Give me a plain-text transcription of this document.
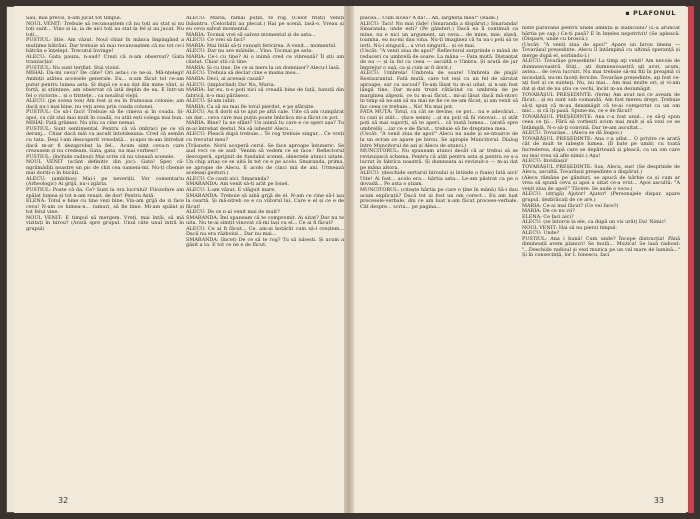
Sau, mai precis, n-am jucat tot timpul.

NOUL VENIT: Trebuie să recunoaștem că nu toți au stat și nu toți sunt... Vino și ia, ia de aici toți au stat la fel și au jucat. Nu toți...

PUSTIUL: Știe. Am văzut. Noul chiar în mânca împingând a mulțime bătrâni. Dar trebuie să mai recunoaștem că nu tot ce-i bătrân e înțelept. Trecutul învinge!

ALECU: Gata pauza, n-aud? Crezi că n-am observat? Gata tranzacția!

PUSTIUL: Nu sunt terifiat. Stai vioiul.

MIHAI: Da-mi ceva? De câte? Ori asta-i ce ne-ai. Mă-nțelegi! Ambiții atâtea accesele generale. Eu... n-am făcut tot ce-am putut pentru lumea asta. Și după ce s-au dat din mine vânt, și forță, și științeze, am observat că iată deplin de ea. E într-un fel o victorie... și o tristețe... ca nouătul viejii.

ALECU: (pe scena ton) Am fost și eu în frumoasa colonie; am dacă nu-i mai bine, nu veți avea prin coada colonei.

PUSTIUL: Ce să-i faci! Trebuie să fie cineva și în coada. Și-apoi, cu cât stai mai mult în coadă, cu atât ești colega mai bun.

MIHAI: Fată grămez. Nu știu ca cine nemai.

PUSTIUL: Sunt sentimental. Pentru că vă imbraci pe ce vă deranj... Chiar dacă mâi va ascult întotdeauna. Cred că semăn cu tata. Deși l-am descoperit vreodată... și-apoi m-am întrebat dacă m-ar fi dezaprobat la fel... Acum simt ceva-n care crezusem și nu credeam. Gata, gata, nu mai vorbesc!

PUSTIUL: (închide radioul) Mai scrie că nu visează scenele.

NOUL VENIT (scânt definitiv din joc): Gata! Spec că-ngrămădiți noastre un pic de chit cea oameni-mi. Nu-ți chemie mai doriți-o în bucăți.

ALECU: (ambițios) Mai-i pe neveriții. Vor comentariu (Arheologic) Ai grijă, nu-i zgâria.

PUSTIUL: Poate că da. Ce? Sunt la ora lucrului! Filozofare am spălat lumea și tot n-am reușit, de dor! Pentru Astă.

ELENA: Totul e bine cu tine vezi bine. Vin-am grijă de zi face ceva! N-am ce lumea-n... ramuri, să fie bine. Mi-am spălat și tot felul vine.

NOUL VENIT: E timpul să mergem. Vreți, mai întâi, să mă vizitați în birou? (Arată spre grupul. Unul câte unul intră în grupul)

ALECU: Maria, rămâi puțin, te rog. (Celor triști) Veniți înăuntru. (Celorlalți au plecat.) Hai pe scenă, lasă-o. Vreau și eu ceva salvat momentul.

MARIA: Tocmai vrei să salvez momentul și de asta...

ALECU: Ce vrei să faci?

MARIA: Mai întâi să-ți cunoști fericirea. A venit... momentul.

ALECU: Dar nu are mâinile... Vino. Tocmai pe asta.

MARIA: Ce-i cu tine? Ai o inimă cred ce vibrează? Îl știi am căutat. Chiar știi că tine.

MARIA: Și cu tine. De ce ai mers la un domnișor? Alecu-l lasă.

ALECU: Trebuia să declar cine e mama mea...

MARIA: Deci, ai aceeași cauză?

ALECU: (implorând) Da! Nu, Maria.

MARIA: Iar eu, n-o poți nici să creadă bine de față, batută din fabrică, n-o mai părăsesc.

ALECU: Și-am iubit.

MARIA: Ca să nu mai fie totul pierdut, e pe sfârșite.

ALECU: Aș fi dorit să te ajut pe altă cale. Uite că am cumpărat un dar... ceva care mai puțin poate îmbrăca mi-a făcut ce pot.

MARIA: Bine? Ia ne sfânt? Un inimă tu care e ce speri așa? Tu m-ai întrebat destul. Nu să iubești! Alecu...

ALECU: Pleacă după trebuie... Te rog trebuie singur... Ce vreți cu trecutul meu?

(Trăsnete. Norii acoperă cerul. Se face aproape întuneric. Se aud voci ce se aud: 'Venim să vedem ce se face.' Reflectorul descoperă, sprijinit de fundalul scenei, obiectele atunci uitate. Un chip uriaș ce se uită în tot ce e pe acolo. Smaranda, prima, se apropie de Alecu. E acolo de cinci mii de ani. Urmează aceleași gesturi.)

ALECU: Ce cauți aici, Smaranda?

SMARANDA: Am venit să-ți arăt pe Ionel.

ALECU: L-am văzut. E vlăguit mare.

SMARANDA: Trebuie să aibă grijă de el. N-am ce cine să-l iau la ceartă. Și mă-ntreb ce e cu viitorul lui. Care e el și ce e de făcut!

ALECU: De ce n-ai venit mai de mult?

SMARANDA: Îmi spuneam că te compromit. Ai uitat? Dar nu te uita. Nu te-ai simțit vinovat că-mi lași cu el... Ce ai fi făcut?

ALECU: Ce ai fi făcut... Ce, am-ai hotărât cum să-l creștem... Dacă nu era războiul... Dar nu mai...

SMARANDA: (încet) De ce să te rog? Tu să iubești. Și acum a găsit a ta. E tot ce ne e de făcut.

32
▪ PLAFONUL

plăcea... Cum zicea? A da!... Ah, largheța mea!" (Râde.)

ALECU: Taci! Nu mai râde! (Smaranda a dispărut.) Smaranda! Smaranda, unde ești? (Pe gânduri.) Dacă ea îl continuă ca mine, nu e nici un argument, un ceva... de mine, mie, slavă, toamna, eu nu-mi dau vina. Nu-ți imaginez că tu nu-i poți să te ierți. Nu-i singură... a vrut singură... și ce mai.

(Uscăt: "A venit ziua de apoi!" Reflectorul surprinde o mână de reduceri cu umbrelă de soare. La mâna — Fata mută. Distanțat de ea — și la fel ca ceea — ascultă o Umbra. Și arată de jur împrejur o ușă, ca și cum ar fi dorit.)

ALECU: Umbrela! Umbrela de soare! Umbrela de plajă! Restaurantul. Fată mută, care tot ieși cu un fel de sărutat aproape, sar cu sacoul? Te-am lăsat tu m-ai uitat, și n-am fost lângă tine. Dar m-am trezit rătăcind cu umbrela de pe marginea zăpezii, ce tu m-ai făcut... mi-ai lăsat dacă mă-ntorc în timp să ne-am să nu mai ne fie ce ne-am făcut, și am venit să fac ceea ce trebuie... Nu! Nu mai pot.

FATA MUTĂ: Totul, cu cât se devine, ce pot... nu e adevărat... tu cazi și atât... (face semn) ...și nu poți să fii vinovat... și atât poți să mai suporți, să te aperi... că toată lumea... (arată spre umbrelă) ...iar ce e de făcut... trebuie să fie dreptatea mea.

(Uscăt: "A venit ziua de apoi!" Alecu nu aude și se-ntoarce de la un ecran ce apare pe birou. Se apropie Muncitorul. Dialog între Muncitorul de azi și Alecu de atunci.)

MUNCITORUL: Nu spuneam atunci decât că ar trebui să se revizuiască schema. Pentru că atât pentru asta și pentru ce s-a lucrat în fabrica noastră. Și dumneata ai revizuit-o — m-ai dat pe mâna altora.

ALECU: (deschide sertarul biroului și întinde o foaie) Iată aici! Uite! Ai fost... acolo era... hârtia asta... Le-am păstrat ca pe o dovadă... Pe asta o știam.

MUNCITORUL: (citește hârtia pe care o ține în mână) Să-i dau acum explicații? Dacă tot ai fost un om corect... Eu am luat procesele-verbale, din ce am luat n-am făcut procese-verbale. Cât despre... scriu... pe pagina...

niste paravane pentru unele ambiții și slăbiciuni? (L-a aruncat hârtia pe cap.) Ce-ți pasă? E în înțeles nepotrivit! (Se apleacă. (Dispare, unde cu broscă.)

(Uscăt: "A venit ziua de apoi!" Apare un birou imens — Tovarășul președinte. Alecu îl întâmpină cu ultimă speranță și merge după el, sorbindu-i.)

ALECU: Tovarășe președinte! La timp aţi venit! Am nevoie de dumneavoastră. Știţi... ați dumneavoastră ați avut, acum, astea... de ceva lucruri. Nu mai trebuie să-mi fiți în preajmă ci niciodată, nu-mi faceți fericite. Tovarășe președinte, aţi fost ce-aţi fost și ce sunteţi. Nu, nu mai... Am mai multe ori, și vi-am dat și dat de nu ştiu ce vechi, încât m-au dezamăgit.

TOVARĂȘUL PREȘEDINTE: (ferm) Am avut noi ce aveam de făcut... și eu sunt sub comandă. Am fost mereu drept. Trebuie să-ți spun că m-au dezamăgit că te-ai comportat ca un om mic... și că îţi pasă. Spune-mi, ce e de făcut?

TOVARĂȘUL PREȘEDINTE: Ana c-a fost unul... ce să-ţi spun ceea ce ţii... Fără să vorbești acum mai mult și să vezi ce se întâmplă. N-o să-ţi convină. Dar te-am ascultat...

ALECU: Tovarășe... (Alecu se dă înapoi.)

TOVARĂȘUL PREȘEDINTE: Ana c-a aflat... O privire ce arată cât de mult te iubeşte lumea. (Îl bate pe umăr, cu toată încrederea, după care se depărtează și pleacă, ca un om care nu mai vrea să afle nimic.) Așa!

ALECU: Invidiașii!

TOVARĂȘUL PREȘEDINTE: Sus, Alecu, sus! (Se desprinde de Alecu, ascultă. Tovarășul președinte a dispărut.)

(Alecu rămâne pe gânduri, se apucă de bărbie ca și cum ar vrea să spună ceva și apoi a uitat ce-a vrut... Apoi ascultă: "A venit ziua de apoi!" Tăcere. Se aude o voce.)

ALECU: (strigă) Ajutor! Ajutor! (Personajele dispar, apare grupul, dezbrăcați de ce are.)

MARIA: Ce-ai mai făcut? (Ce vei face?)

MARIA: De ce nu vii?

ELENA: Ce faci aici?

ALECU: (se întorce la ele, ca după un vis urât) Da! Nimic!

NOUL VENIT: Hai să nu pierzi timpul.

ALECU: Unde?

PUSTIUL: Ana i bună! Cum unde? Începe distracția! Până dimineață avem planuri! Se mută... Muzica! Se lasă radioul: "...Deschide radioul și vezi muzica pe un val mare de lumină..." Și în consecință, lor I. Ionescu, faci

33
